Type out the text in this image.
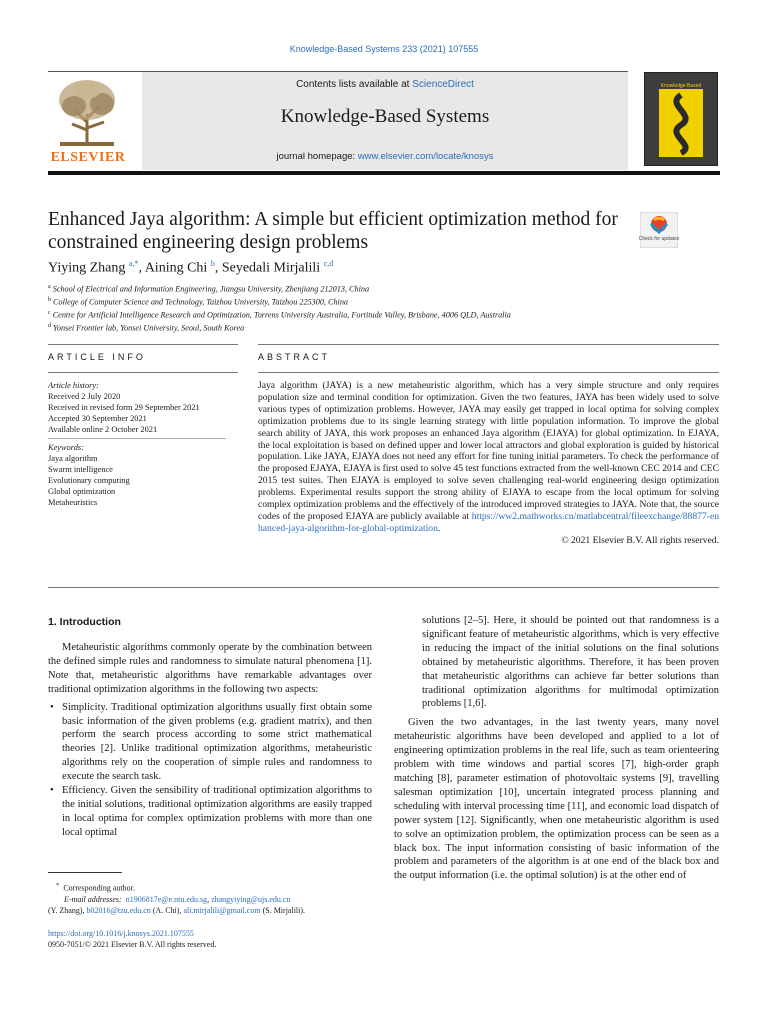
Knowledge-Based Systems 233 (2021) 107555
ELSEVIER
Contents lists available at ScienceDirect
Knowledge-Based Systems
journal homepage: www.elsevier.com/locate/knosys
Knowledge-Based
Enhanced Jaya algorithm: A simple but efficient optimization method for constrained engineering design problems	Check for updates
Yiying Zhang $^{a,*}$, Aining Chi $^b$, Seyedali Mirjalili $^{c,d}$
$^a$ School of Electrical and Information Engineering, Jiangsu University, Zhenjiang 212013, China
$^b$ College of Computer Science and Technology, Taizhou University, Taizhou 225300, China
$^c$ Centre for Artificial Intelligence Research and Optimization, Torrens University Australia, Fortitude Valley, Brisbane, 4006 QLD, Australia
$^d$ Yonsei Frontier lab, Yonsei University, Seoul, South Korea
ARTICLE INFO	ABSTRACT
Article history:
Received 2 July 2020
Received in revised form 29 September 2021
Accepted 30 September 2021
Available online 2 October 2021
Keywords:
Jaya algorithm
Swarm intelligence
Evolutionary computing
Global optimization
Metaheuristics
Jaya algorithm (JAYA) is a new metaheuristic algorithm, which has a very simple structure and only requires population size and terminal condition for optimization. Given the two features, JAYA has been widely used to solve various types of optimization problems. However, JAYA may easily get trapped in local optima for solving complex optimization problems due to its single learning strategy with little population information. To improve the global search ability of JAYA, this work proposes an enhanced Jaya algorithm (EJAYA) for global optimization. In EJAYA, the local exploitation is based on defined upper and lower local attractors and global exploration is guided by historical population. Like JAYA, EJAYA does not need any effort for fine tuning initial parameters. To check the performance of the proposed EJAYA, EJAYA is first used to solve 45 test functions extracted from the well-known CEC 2014 and CEC 2015 test suites. Then EJAYA is employed to solve seven challenging real-world engineering design optimization problems. Experimental results support the strong ability of EJAYA to escape from the local optimum for solving complex optimization problems and the effectively of the introduced improved strategies to JAYA. Note that, the source codes of the proposed EJAYA are publicly available at https://ww2.mathworks.cn/matlabcentral/fileexchange/88877-enhanced-jaya-algorithm-for-global-optimization.
© 2021 Elsevier B.V. All rights reserved.
1. Introduction

Metaheuristic algorithms commonly operate by the combination between the defined simple rules and randomness to simulate natural phenomena [1]. Note that, metaheuristic algorithms have remarkable advantages over traditional optimization algorithms in the following two aspects:

• Simplicity. Traditional optimization algorithms usually first obtain some basic information of the given problems (e.g. gradient matrix), and then perform the search process according to some strict mathematical theories [2]. Unlike traditional optimization algorithms, metaheuristic algorithms rely on the cooperation of simple rules and randomness to execute the search task.
• Efficiency. Given the sensibility of traditional optimization algorithms to the initial solutions, traditional optimization algorithms are easily trapped in local optima for complex optimization problems with more than one local optimal

solutions [2–5]. Here, it should be pointed out that randomness is a significant feature of metaheuristic algorithms, which is very effective in reducing the impact of the initial solutions on the final solutions obtained by metaheuristic algorithms. Therefore, it has been proven that metaheuristic algorithms can achieve far better solutions than traditional optimization algorithms for multimodal optimization problems [1,6].

Given the two advantages, in the last twenty years, many novel metaheuristic algorithms have been developed and applied to a lot of engineering optimization problems in the real life, such as team orienteering problem with time windows and partial scores [7], high-order graph matching [8], parameter estimation of photovoltaic systems [9], travelling salesman optimization [10], uncertain integrated process planning and scheduling with interval processing time [11], and economic load dispatch of power system [12]. Significantly, when one metaheuristic algorithm is used to solve an optimization problem, the optimization process can be seen as a black box. The input information consisting of basic information of the problem and parameters of the algorithm is at one end of the black box and the output information (i.e. the optimal solution) is at the other end of

* Corresponding author.
E-mail addresses: n1906817e@e.ntu.edu.sg, zhangyiying@ujs.edu.cn
(Y. Zhang), b02016@tzu.edu.cn (A. Chi), ali.mirjalili@gmail.com (S. Mirjalili).
https://doi.org/10.1016/j.knosys.2021.107555
0950-7051/© 2021 Elsevier B.V. All rights reserved.
